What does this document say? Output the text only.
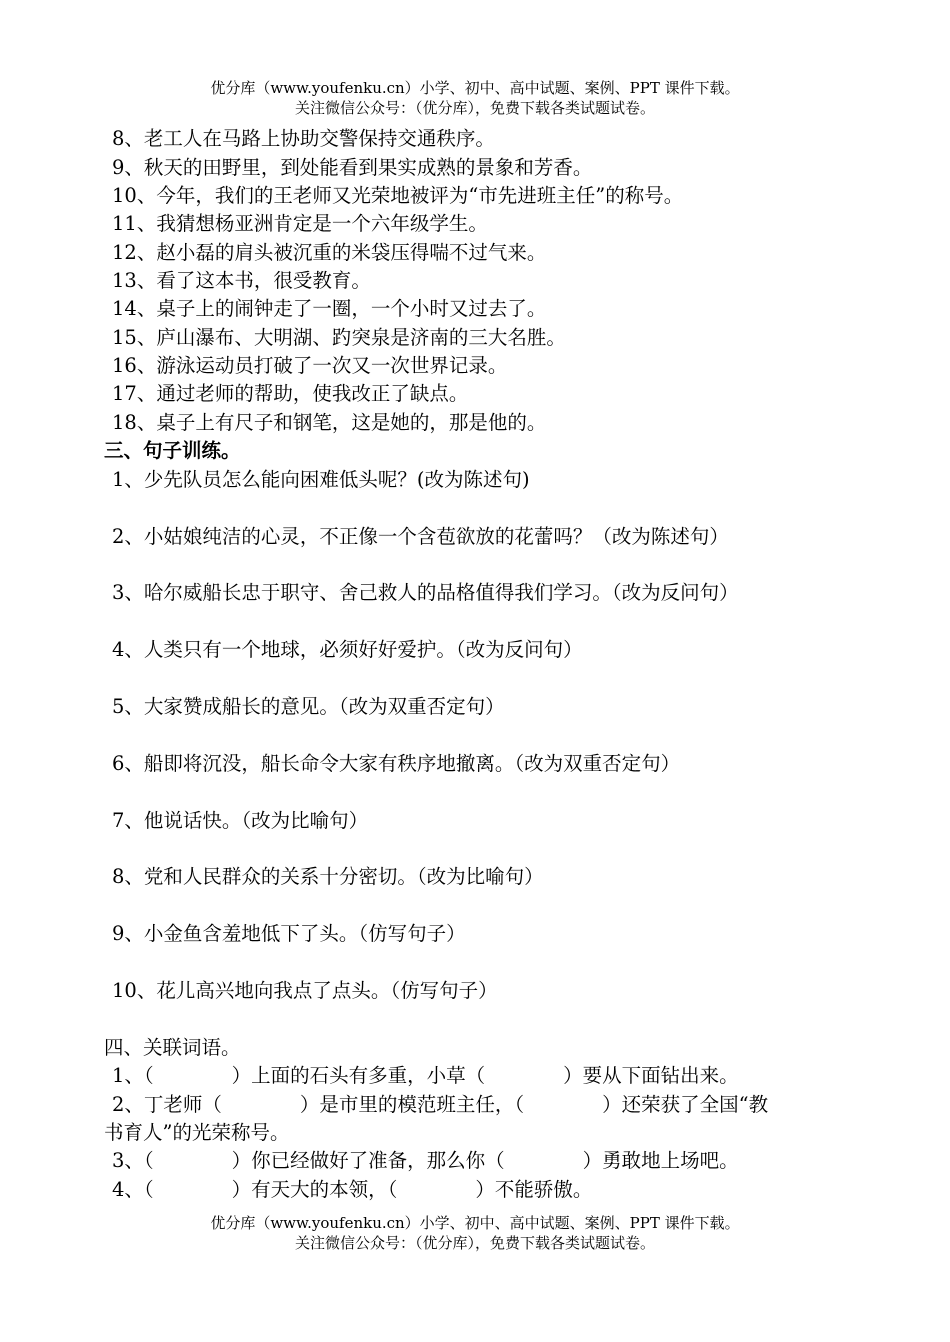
优分库（www.youfenku.cn）小学、初中、高中试题、案例、PPT 课件下载。
关注微信公众号：（优分库），免费下载各类试题试卷。
8、老工人在马路上协助交警保持交通秩序。
9、秋天的田野里，到处能看到果实成熟的景象和芳香。
10、今年，我们的王老师又光荣地被评为“市先进班主任”的称号。
11、我猜想杨亚洲肯定是一个六年级学生。
12、赵小磊的肩头被沉重的米袋压得喘不过气来。
13、看了这本书，很受教育。
14、桌子上的闹钟走了一圈，一个小时又过去了。
15、庐山瀑布、大明湖、趵突泉是济南的三大名胜。
16、游泳运动员打破了一次又一次世界记录。
17、通过老师的帮助，使我改正了缺点。
18、桌子上有尺子和钢笔，这是她的，那是他的。
三、句子训练。
1、少先队员怎么能向困难低头呢？(改为陈述句)
2、小姑娘纯洁的心灵，不正像一个含苞欲放的花蕾吗？（改为陈述句）
3、哈尔威船长忠于职守、舍己救人的品格值得我们学习。（改为反问句）
4、人类只有一个地球，必须好好爱护。（改为反问句）
5、大家赞成船长的意见。（改为双重否定句）
6、船即将沉没，船长命令大家有秩序地撤离。（改为双重否定句）
7、他说话快。（改为比喻句）
8、党和人民群众的关系十分密切。（改为比喻句）
9、小金鱼含羞地低下了头。（仿写句子）
10、花儿高兴地向我点了点头。（仿写句子）
四、关联词语。
1、（　　　　）上面的石头有多重，小草（　　　　）要从下面钻出来。
2、丁老师（　　　　）是市里的模范班主任，（　　　　）还荣获了全国“教
书育人”的光荣称号。
3、（　　　　）你已经做好了准备，那么你（　　　　）勇敢地上场吧。
4、（　　　　）有天大的本领，（　　　　）不能骄傲。
优分库（www.youfenku.cn）小学、初中、高中试题、案例、PPT 课件下载。
关注微信公众号：（优分库），免费下载各类试题试卷。
